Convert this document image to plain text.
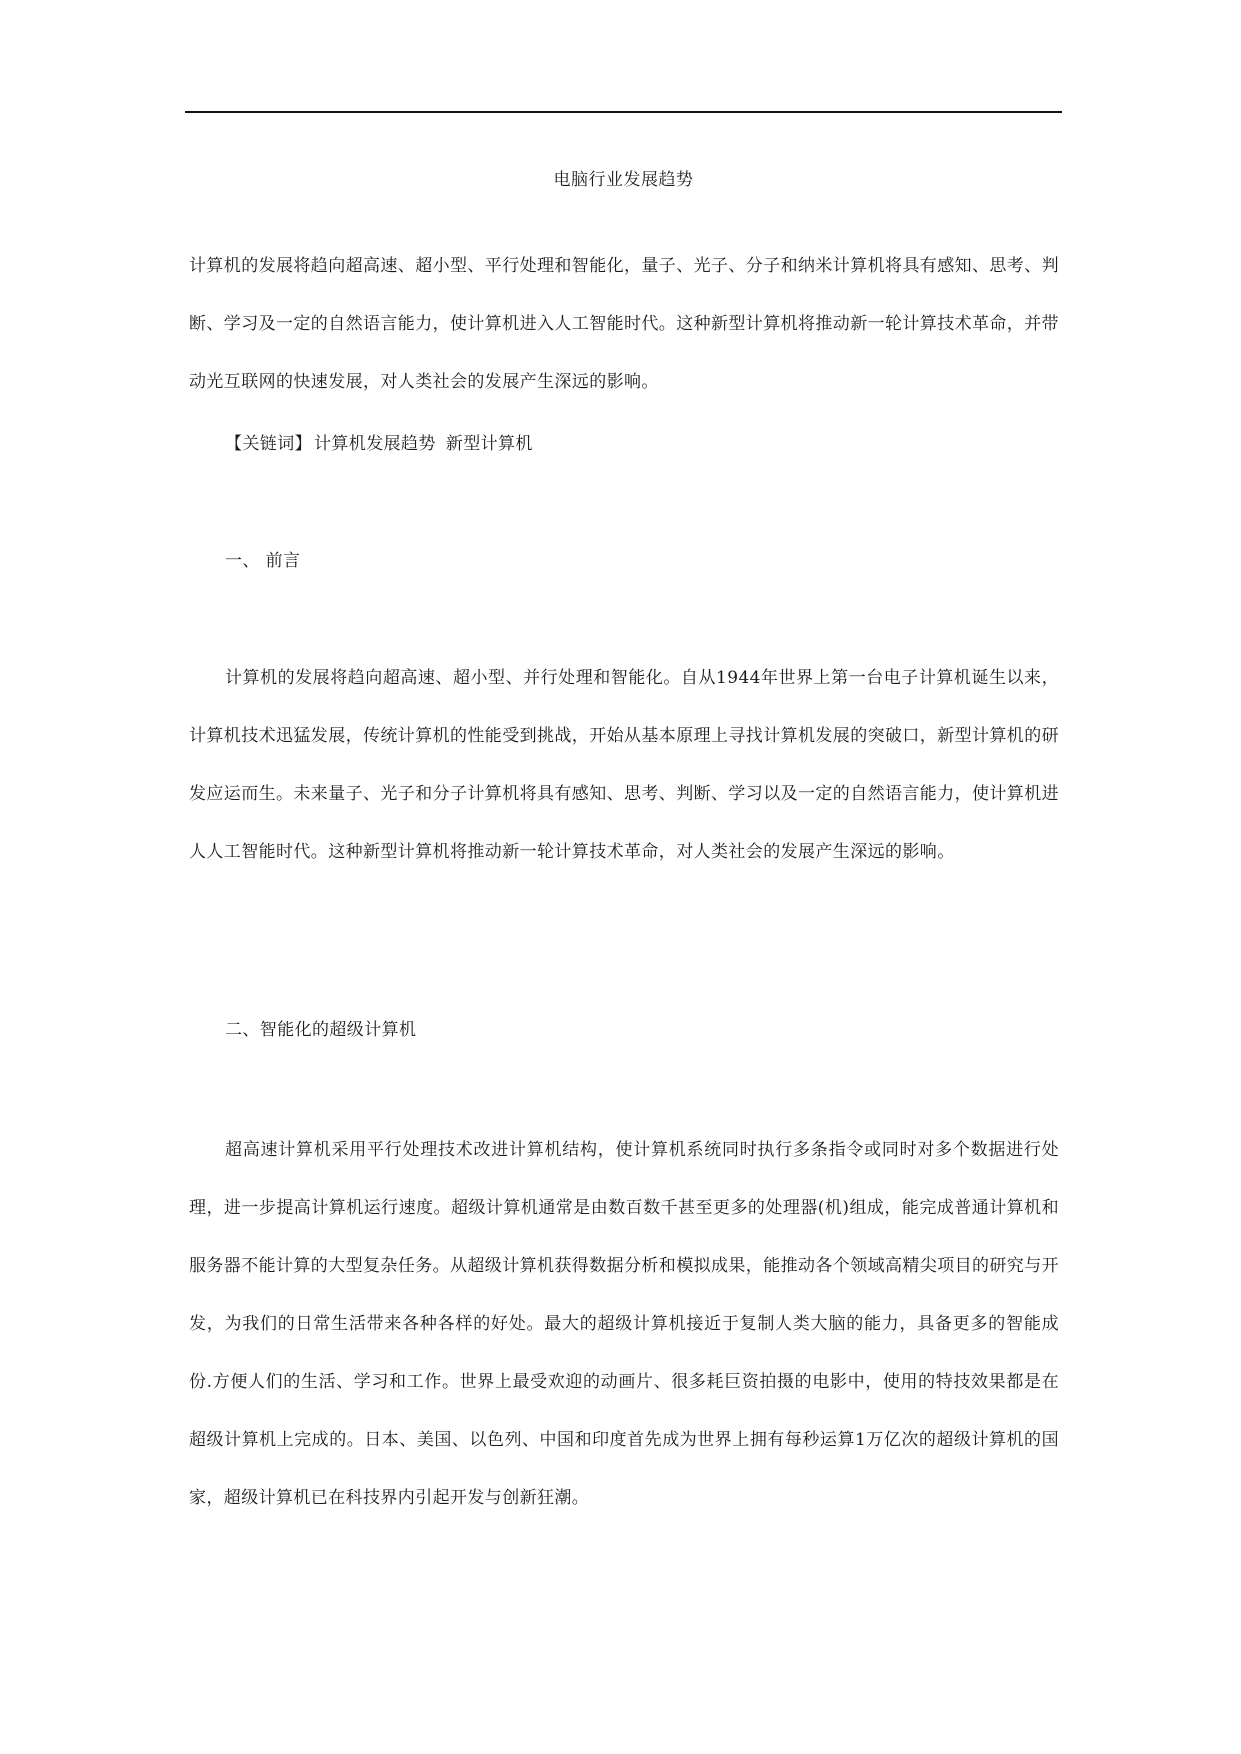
电脑行业发展趋势

计算机的发展将趋向超高速、超小型、平行处理和智能化，量子、光子、分子和纳米计算机将具有感知、思考、判断、学习及一定的自然语言能力，使计算机进入人工智能时代。这种新型计算机将推动新一轮计算技术革命，并带动光互联网的快速发展，对人类社会的发展产生深远的影响。

【关链词】 计算机发展趋势 新型计算机
一、 前言

计算机的发展将趋向超高速、超小型、并行处理和智能化。自从1944年世界上第一台电子计算机诞生以来，计算机技术迅猛发展，传统计算机的性能受到挑战，开始从基本原理上寻找计算机发展的突破口，新型计算机的研发应运而生。未来量子、光子和分子计算机将具有感知、思考、判断、学习以及一定的自然语言能力，使计算机进人人工智能时代。这种新型计算机将推动新一轮计算技术革命，对人类社会的发展产生深远的影响。

二、智能化的超级计算机

超高速计算机采用平行处理技术改进计算机结构，使计算机系统同时执行多条指令或同时对多个数据进行处理，进一步提高计算机运行速度。超级计算机通常是由数百数千甚至更多的处理器(机)组成，能完成普通计算机和服务器不能计算的大型复杂任务。从超级计算机获得数据分析和模拟成果，能推动各个领域高精尖项目的研究与开发，为我们的日常生活带来各种各样的好处。最大的超级计算机接近于复制人类大脑的能力，具备更多的智能成份.方便人们的生活、学习和工作。世界上最受欢迎的动画片、很多耗巨资拍摄的电影中，使用的特技效果都是在超级计算机上完成的。日本、美国、以色列、中国和印度首先成为世界上拥有每秒运算1万亿次的超级计算机的国家，超级计算机已在科技界内引起开发与创新狂潮。
